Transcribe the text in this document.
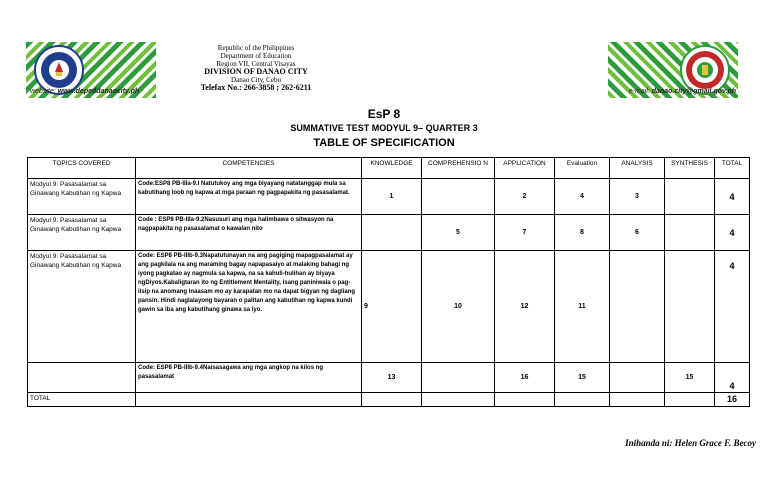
Republic of the Philippines
Department of Education
Region VII, Central Visayas
DIVISION OF DANAO CITY
Danao City, Cebu
Telefax No.: 266-3858 ; 262-6211
website: www.depeddanaocity.ph	e-mail: danao.city@gmail.gov.ph
EsP 8
SUMMATIVE TEST MODYUL 9– QUARTER 3
TABLE OF SPECIFICATION
TOPICS COVERED	COMPETENCIES	KNOWLEDGE	COMPREHENSIO N	APPLICATION	Evaluation	ANALYSIS	SYNTHESIS	TOTAL
Modyul 9: Pasasalamat sa Ginawang Kabutihan ng Kapwa	Code:ESP8 PB-IIIa-9.I Natutukoy ang mga biyayang natatanggap mula sa kabutihang loob ng kapwa at mga paraan ng pagpapakita ng pasasalamat.	1		2	4	3		4
Modyul 9: Pasasalamat sa Ginawang Kabutihan ng Kapwa	Code : ESP8 PB-IIIa-9.2Nasusuri ang mga halimbawa o sitwasyon na nagpapakita ng pasasalamat o kawalan nito		5	7	8	6		4
Modyul 9: Pasasalamat sa Ginawang Kabutihan ng Kapwa	Code: ESP8 PB-IIIb-9.3Napatutunayan na ang pagiging mapagpasalamat ay ang pagkilala na ang maraming bagay napapasaiyo at malaking bahagi ng iyong pagkatao ay nagmula sa kapwa, na sa kahuli-hulihan ay biyaya ngDiyos.Kabaligtaran ito ng Entitlement Mentality, isang paniniwala o pag-iisip na anomang inaasam mo ay karapatan mo na dapat bigyan ng dagliang pansin. Hindi naglalayong bayaran o palitan ang kabutihan ng kapwa kundi gawin sa iba ang kabutihang ginawa sa iyo.	9	10	12	11			4
	Code: ESP8 PB-IIIb-9.4Naisasagawa ang mga angkop na kilos ng pasasalamat	13		16	15		15	4
TOTAL								16
Inihanda ni: Helen Grace F. Becoy
